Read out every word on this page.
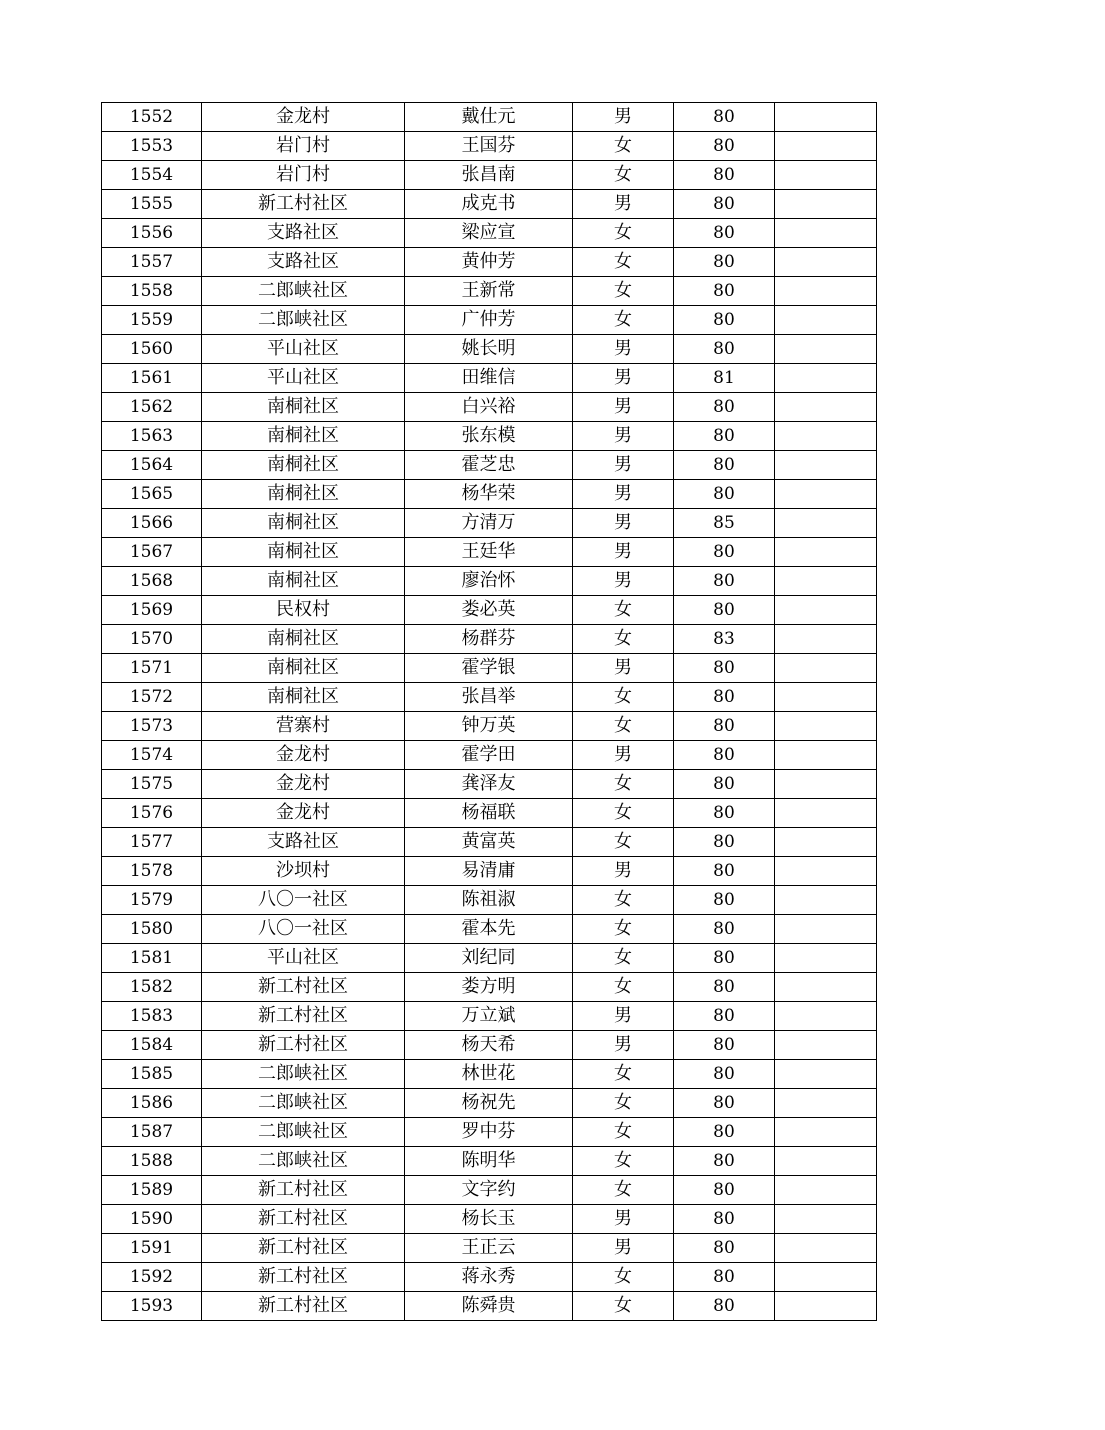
1552	金龙村	戴仕元	男	80	
1553	岩门村	王国芬	女	80	
1554	岩门村	张昌南	女	80	
1555	新工村社区	成克书	男	80	
1556	支路社区	梁应宣	女	80	
1557	支路社区	黄仲芳	女	80	
1558	二郎峡社区	王新常	女	80	
1559	二郎峡社区	广仲芳	女	80	
1560	平山社区	姚长明	男	80	
1561	平山社区	田维信	男	81	
1562	南桐社区	白兴裕	男	80	
1563	南桐社区	张东模	男	80	
1564	南桐社区	霍芝忠	男	80	
1565	南桐社区	杨华荣	男	80	
1566	南桐社区	方清万	男	85	
1567	南桐社区	王廷华	男	80	
1568	南桐社区	廖治怀	男	80	
1569	民权村	娄必英	女	80	
1570	南桐社区	杨群芬	女	83	
1571	南桐社区	霍学银	男	80	
1572	南桐社区	张昌举	女	80	
1573	营寨村	钟万英	女	80	
1574	金龙村	霍学田	男	80	
1575	金龙村	龚泽友	女	80	
1576	金龙村	杨福联	女	80	
1577	支路社区	黄富英	女	80	
1578	沙坝村	易清庸	男	80	
1579	八〇一社区	陈祖淑	女	80	
1580	八〇一社区	霍本先	女	80	
1581	平山社区	刘纪同	女	80	
1582	新工村社区	娄方明	女	80	
1583	新工村社区	万立斌	男	80	
1584	新工村社区	杨天希	男	80	
1585	二郎峡社区	林世花	女	80	
1586	二郎峡社区	杨祝先	女	80	
1587	二郎峡社区	罗中芬	女	80	
1588	二郎峡社区	陈明华	女	80	
1589	新工村社区	文字约	女	80	
1590	新工村社区	杨长玉	男	80	
1591	新工村社区	王正云	男	80	
1592	新工村社区	蒋永秀	女	80	
1593	新工村社区	陈舜贵	女	80	
